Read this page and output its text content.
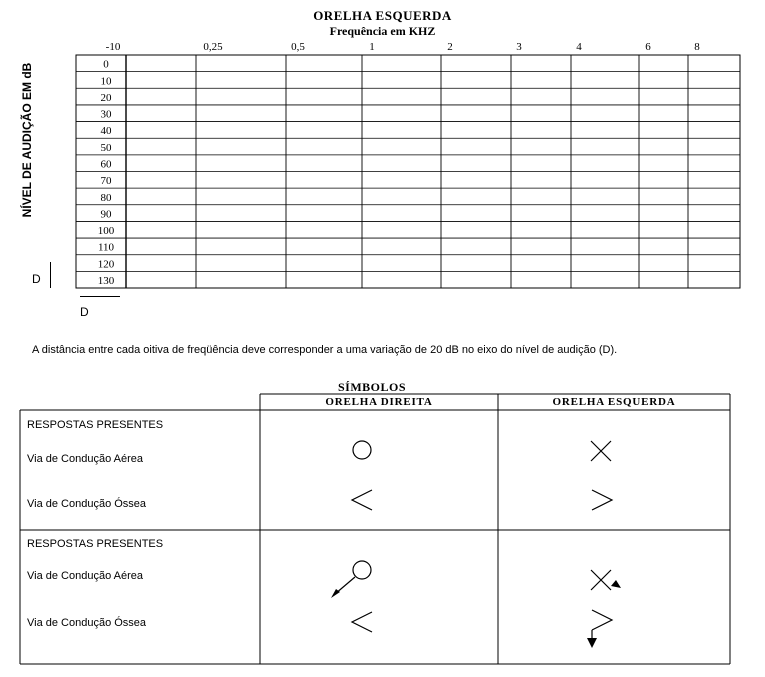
ORELHA ESQUERDA
Frequência em KHZ
NÍVEL DE AUDIÇÃO EM dB
-10	0,25	0,5	1	2	3	4	6	8
0
10
20
30
40
50
60
70
80
90
100
110
120
130
D
D
A distância entre cada oitiva de freqüência deve corresponder a uma variação de 20 dB no eixo do nível de audição (D).
SÍMBOLOS
ORELHA DIREITA	ORELHA ESQUERDA
RESPOSTAS PRESENTES
Via de Condução Aérea
Via de Condução Óssea
RESPOSTAS PRESENTES
Via de Condução Aérea
Via de Condução Óssea
